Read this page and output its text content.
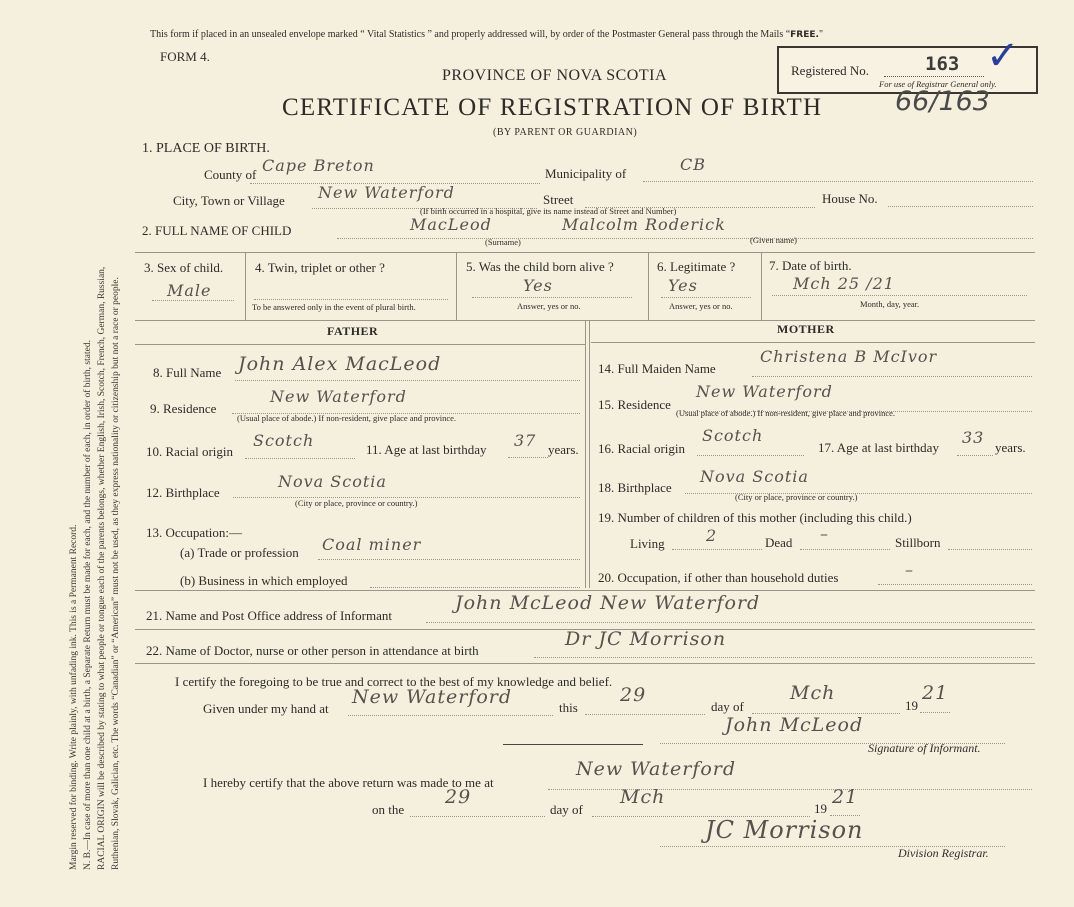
Margin reserved for binding. Write plainly, with unfading ink. This is a Permanent Record. N. B.—In case of more than one child at a birth, a Separate Return must be made for each, and the number of each, in order of birth, stated. RACIAL ORIGIN will be described by stating to what people or tongue each of the parents belongs, whether English, Irish, Scotch, French, German, Russian, Ruthenian, Slovak, Galician, etc. The words “Canadian” or “American” must not be used, as they express nationality or citizenship but not a race or people.
This form if placed in an unsealed envelope marked “ Vital Statistics ” and properly addressed will, by order of the Postmaster General pass through the Mails “FREE."
FORM 4.
Registered No.	163
For use of Registrar General only.
✓
PROVINCE OF NOVA SCOTIA
CERTIFICATE OF REGISTRATION OF BIRTH	66/163
(BY PARENT OR GUARDIAN)
1. PLACE OF BIRTH.
County of Cape Breton	Municipality of	CB
City, Town or Village New Waterford	Street	House No.
(If birth occurred in a hospital, give its name instead of Street and Number)
2. FULL NAME OF CHILD	MacLeod	Malcolm Roderick
(Surname)	(Given name)
3. Sex of child.
Male
4. Twin, triplet or other ?
To be answered only in the event of plural birth.
5. Was the child born alive ?
Yes
Answer, yes or no.
6. Legitimate ?
Yes
Answer, yes or no.
7. Date of birth.
Mch 25 /21
Month, day, year.
FATHER	MOTHER
8. Full Name John Alex MacLeod
9. Residence
New Waterford
(Usual place of abode.) If non-resident, give place and province.
10. Racial origin
Scotch	11. Age at last birthday 37 years.
12. Birthplace
Nova Scotia
(City or place, province or country.)
13. Occupation:—
(a) Trade or profession Coal miner
(b) Business in which employed
14. Full Maiden Name
Christena B McIvor
15. Residence
New Waterford
(Usual place of abode.) If non-resident, give place and province.
16. Racial origin
Scotch
17. Age at last birthday
33
years.
18. Birthplace
Nova Scotia
(City or place, province or country.)
19. Number of children of this mother (including this child.)
Living	2	Dead –	Stillborn
20. Occupation, if other than household duties	–
21. Name and Post Office address of Informant
John McLeod New Waterford
22. Name of Doctor, nurse or other person in attendance at birth
Dr JC Morrison
I certify the foregoing to be true and correct to the best of my knowledge and belief.
Given under my hand at
New Waterford	this
29
day of
Mch
19
21
John McLeod
Signature of Informant.
I hereby certify that the above return was made to me at
New Waterford
on the
29
day of
Mch
19
21
JC Morrison
Division Registrar.
